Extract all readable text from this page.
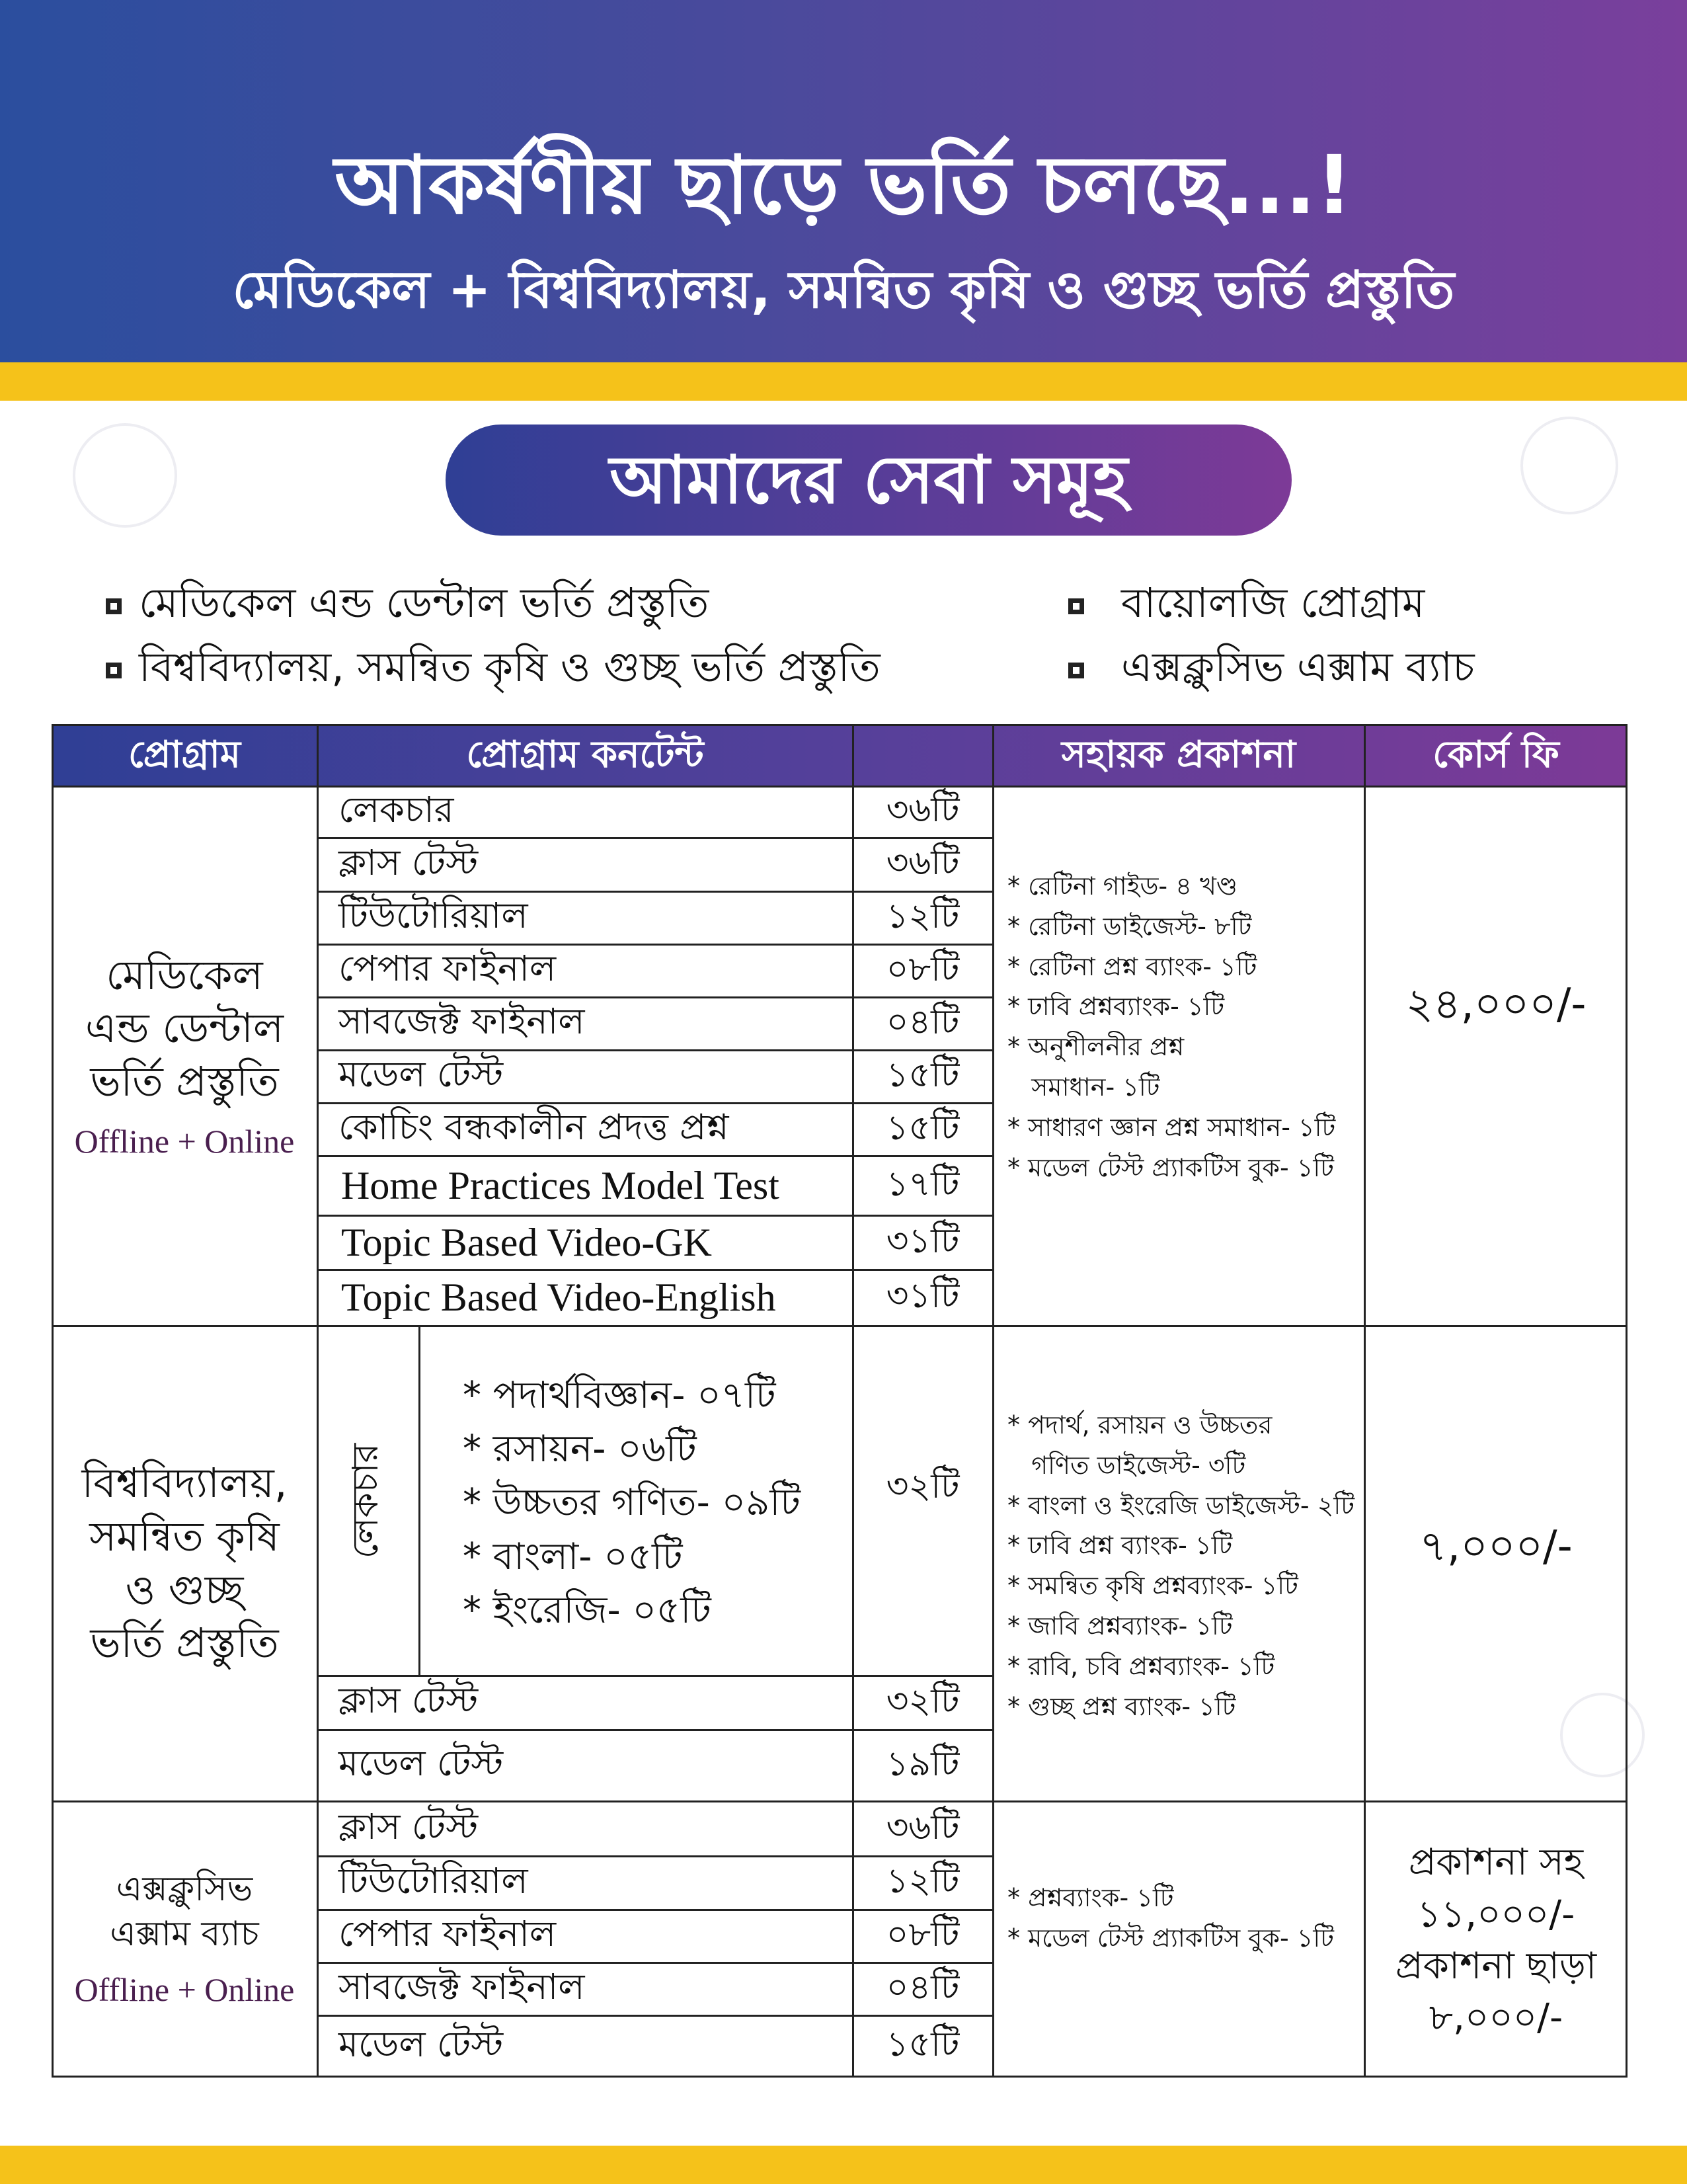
আকর্ষণীয় ছাড়ে ভর্তি চলছে...!
মেডিকেল + বিশ্ববিদ্যালয়, সমন্বিত কৃষি ও গুচ্ছ ভর্তি প্রস্তুতি
আমাদের সেবা সমূহ
মেডিকেল এন্ড ডেন্টাল ভর্তি প্রস্তুতি
বিশ্ববিদ্যালয়, সমন্বিত কৃষি ও গুচ্ছ ভর্তি প্রস্তুতি
বায়োলজি প্রোগ্রাম
এক্সক্লুসিভ এক্সাম ব্যাচ
প্রোগ্রাম	প্রোগ্রাম কনটেন্ট	সহায়ক প্রকাশনা	কোর্স ফি
মেডিকেল
এন্ড ডেন্টাল
ভর্তি প্রস্তুতি
Offline + Online
লেকচার	৩৬টি
ক্লাস টেস্ট	৩৬টি
টিউটোরিয়াল	১২টি
পেপার ফাইনাল	০৮টি
সাবজেক্ট ফাইনাল	০৪টি
মডেল টেস্ট	১৫টি
কোচিং বন্ধকালীন প্রদত্ত প্রশ্ন	১৫টি
Home Practices Model Test	১৭টি
Topic Based Video-GK	৩১টি
Topic Based Video-English	৩১টি
* রেটিনা গাইড- ৪ খণ্ড
* রেটিনা ডাইজেস্ট- ৮টি
* রেটিনা প্রশ্ন ব্যাংক- ১টি
* ঢাবি প্রশ্নব্যাংক- ১টি
* অনুশীলনীর প্রশ্ন
সমাধান- ১টি
* সাধারণ জ্ঞান প্রশ্ন সমাধান- ১টি
* মডেল টেস্ট প্র্যাকটিস বুক- ১টি
২৪,০০০/-
বিশ্ববিদ্যালয়,
সমন্বিত কৃষি
ও গুচ্ছ
ভর্তি প্রস্তুতি
লেকচার
* পদার্থবিজ্ঞান- ০৭টি
* রসায়ন- ০৬টি
* উচ্চতর গণিত- ০৯টি
* বাংলা- ০৫টি
* ইংরেজি- ০৫টি
৩২টি
ক্লাস টেস্ট	৩২টি
মডেল টেস্ট	১৯টি
* পদার্থ, রসায়ন ও উচ্চতর
গণিত ডাইজেস্ট- ৩টি
* বাংলা ও ইংরেজি ডাইজেস্ট- ২টি
* ঢাবি প্রশ্ন ব্যাংক- ১টি
* সমন্বিত কৃষি প্রশ্নব্যাংক- ১টি
* জাবি প্রশ্নব্যাংক- ১টি
* রাবি, চবি প্রশ্নব্যাংক- ১টি
* গুচ্ছ প্রশ্ন ব্যাংক- ১টি
৭,০০০/-
এক্সক্লুসিভ
এক্সাম ব্যাচ
Offline + Online
ক্লাস টেস্ট	৩৬টি
টিউটোরিয়াল	১২টি
পেপার ফাইনাল	০৮টি
সাবজেক্ট ফাইনাল	০৪টি
মডেল টেস্ট	১৫টি
* প্রশ্নব্যাংক- ১টি
* মডেল টেস্ট প্র্যাকটিস বুক- ১টি
প্রকাশনা সহ
১১,০০০/-
প্রকাশনা ছাড়া
৮,০০০/-
